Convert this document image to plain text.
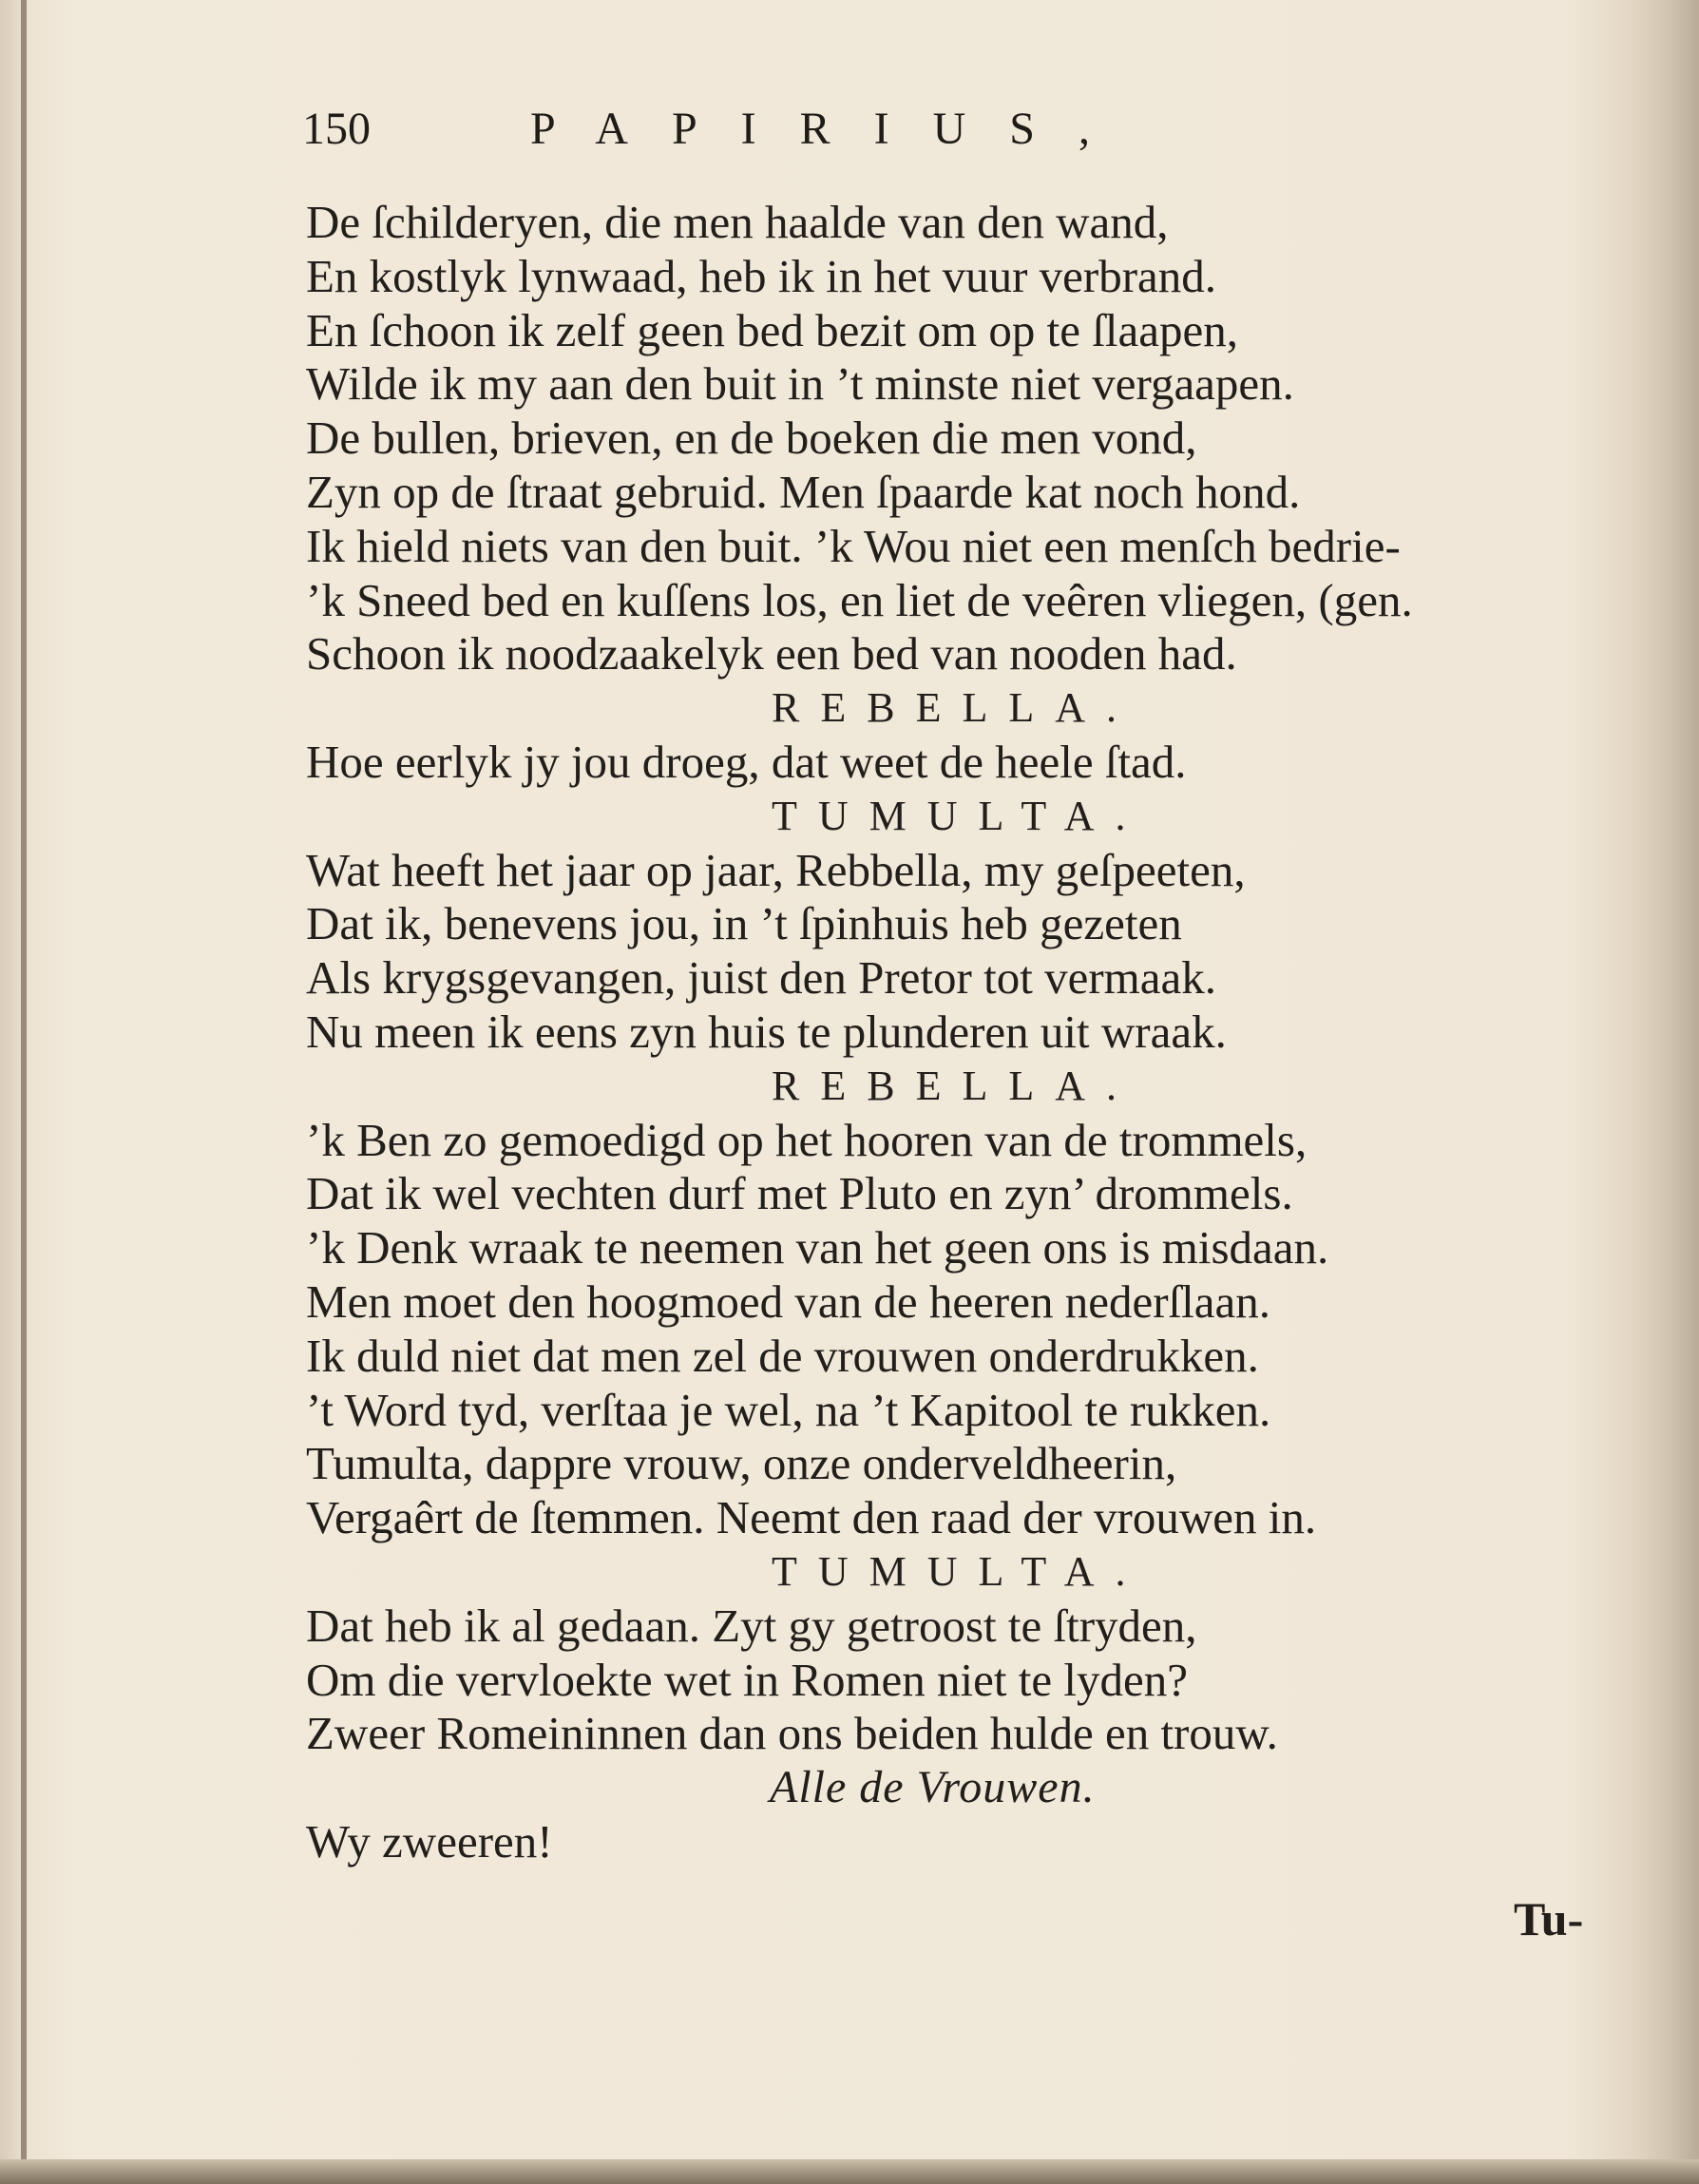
150	PAPIRIUS,
De ſchilderyen, die men haalde van den wand,
En kostlyk lynwaad, heb ik in het vuur verbrand.
En ſchoon ik zelf geen bed bezit om op te ſlaapen,
Wilde ik my aan den buit in ’t minste niet vergaapen.
De bullen, brieven, en de boeken die men vond,
Zyn op de ſtraat gebruid. Men ſpaarde kat noch hond.
Ik hield niets van den buit. ’k Wou niet een menſch bedrie-
’k Sneed bed en kuſſens los, en liet de veêren vliegen, (gen.
Schoon ik noodzaakelyk een bed van nooden had.
REBELLA.
Hoe eerlyk jy jou droeg, dat weet de heele ſtad.
TUMULTA.
Wat heeft het jaar op jaar, Rebbella, my geſpeeten,
Dat ik, benevens jou, in ’t ſpinhuis heb gezeten
Als krygsgevangen, juist den Pretor tot vermaak.
Nu meen ik eens zyn huis te plunderen uit wraak.
REBELLA.
’k Ben zo gemoedigd op het hooren van de trommels,
Dat ik wel vechten durf met Pluto en zyn’ drommels.
’k Denk wraak te neemen van het geen ons is misdaan.
Men moet den hoogmoed van de heeren nederſlaan.
Ik duld niet dat men zel de vrouwen onderdrukken.
’t Word tyd, verſtaa je wel, na ’t Kapitool te rukken.
Tumulta, dappre vrouw, onze onderveldheerin,
Vergaêrt de ſtemmen. Neemt den raad der vrouwen in.
TUMULTA.
Dat heb ik al gedaan. Zyt gy getroost te ſtryden,
Om die vervloekte wet in Romen niet te lyden?
Zweer Romeininnen dan ons beiden hulde en trouw.
Alle de Vrouwen.
Wy zweeren!
Tu-
